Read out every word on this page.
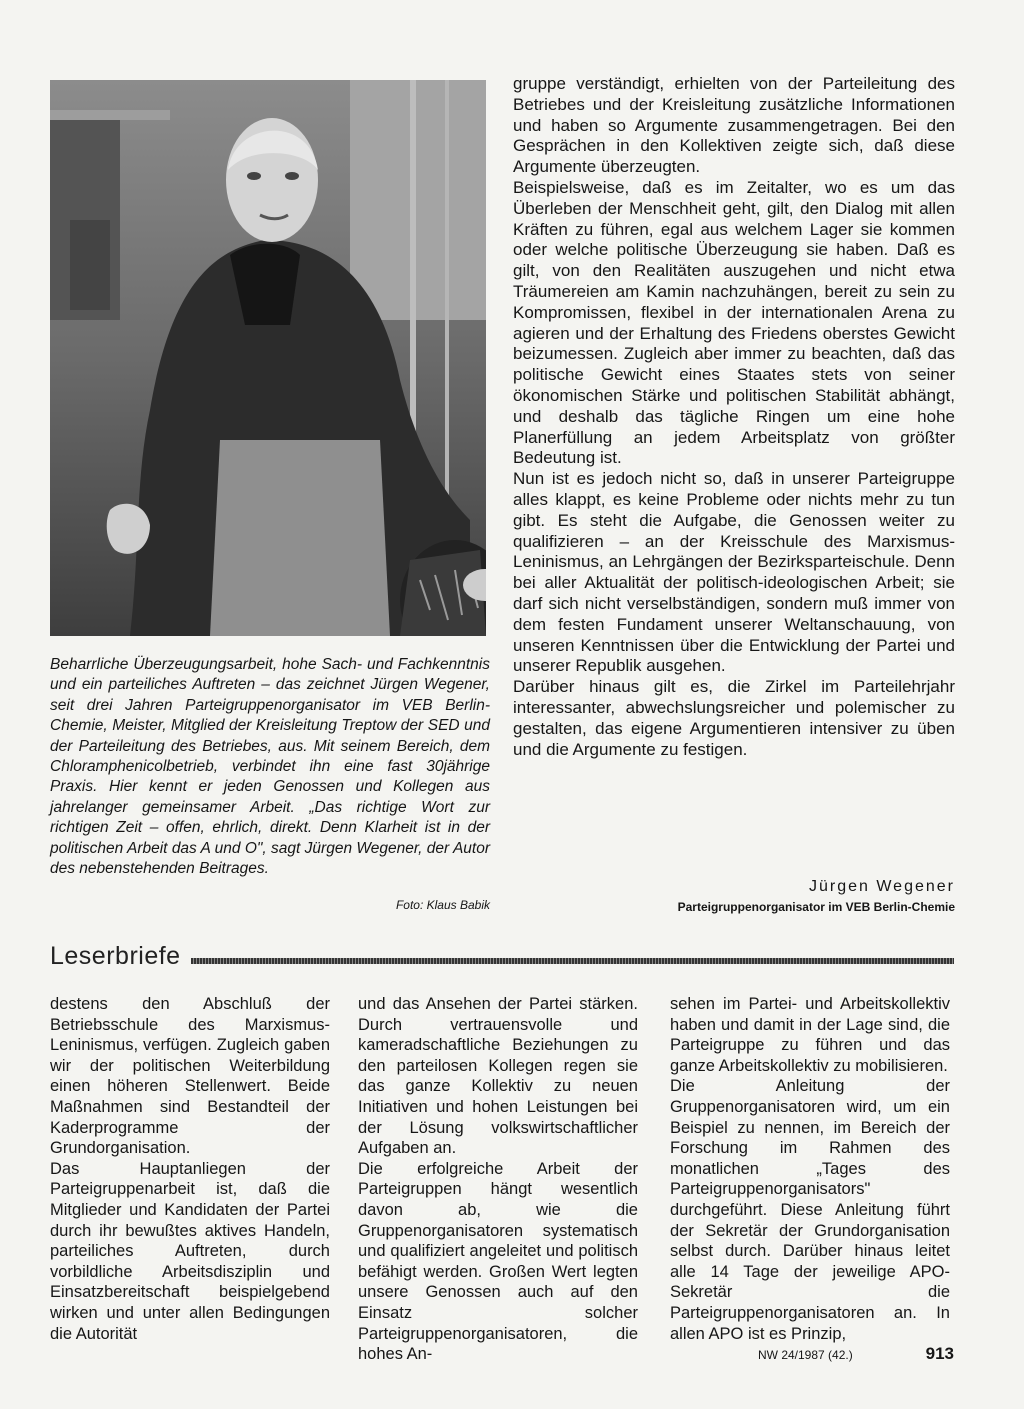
Beharrliche Überzeugungsarbeit, hohe Sach- und Fachkenntnis und ein parteiliches Auftreten – das zeichnet Jürgen Wegener, seit drei Jahren Parteigruppenorganisator im VEB Berlin-Chemie, Meister, Mitglied der Kreisleitung Treptow der SED und der Parteileitung des Betriebes, aus. Mit seinem Bereich, dem Chloramphenicolbetrieb, verbindet ihn eine fast 30jährige Praxis. Hier kennt er jeden Genossen und Kollegen aus jahrelanger gemeinsamer Arbeit. „Das richtige Wort zur richtigen Zeit – offen, ehrlich, direkt. Denn Klarheit ist in der politischen Arbeit das A und O", sagt Jürgen Wegener, der Autor des nebenstehenden Beitrages.

Foto: Klaus Babik

gruppe verständigt, erhielten von der Parteileitung des Betriebes und der Kreisleitung zusätzliche Informationen und haben so Argumente zusammengetragen. Bei den Gesprächen in den Kollektiven zeigte sich, daß diese Argumente überzeugten.

Beispielsweise, daß es im Zeitalter, wo es um das Überleben der Menschheit geht, gilt, den Dialog mit allen Kräften zu führen, egal aus welchem Lager sie kommen oder welche politische Überzeugung sie haben. Daß es gilt, von den Realitäten auszugehen und nicht etwa Träumereien am Kamin nachzuhängen, bereit zu sein zu Kompromissen, flexibel in der internationalen Arena zu agieren und der Erhaltung des Friedens oberstes Gewicht beizumessen. Zugleich aber immer zu beachten, daß das politische Gewicht eines Staates stets von seiner ökonomischen Stärke und politischen Stabilität abhängt, und deshalb das tägliche Ringen um eine hohe Planerfüllung an jedem Arbeitsplatz von größter Bedeutung ist.

Nun ist es jedoch nicht so, daß in unserer Parteigruppe alles klappt, es keine Probleme oder nichts mehr zu tun gibt. Es steht die Aufgabe, die Genossen weiter zu qualifizieren – an der Kreisschule des Marxismus-Leninismus, an Lehrgängen der Bezirksparteischule. Denn bei aller Aktualität der politisch-ideologischen Arbeit; sie darf sich nicht verselbständigen, sondern muß immer von dem festen Fundament unserer Weltanschauung, von unseren Kenntnissen über die Entwicklung der Partei und unserer Republik ausgehen.

Darüber hinaus gilt es, die Zirkel im Parteilehrjahr interessanter, abwechslungsreicher und polemischer zu gestalten, das eigene Argumentieren intensiver zu üben und die Argumente zu festigen.

Jürgen Wegener
Parteigruppenorganisator im VEB Berlin-Chemie
Leserbriefe

destens den Abschluß der Betriebsschule des Marxismus-Leninismus, verfügen. Zugleich gaben wir der politischen Weiterbildung einen höheren Stellenwert. Beide Maßnahmen sind Bestandteil der Kaderprogramme der Grundorganisation.

Das Hauptanliegen der Parteigruppenarbeit ist, daß die Mitglieder und Kandidaten der Partei durch ihr bewußtes aktives Handeln, parteiliches Auftreten, durch vorbildliche Arbeitsdisziplin und Einsatzbereitschaft beispielgebend wirken und unter allen Bedingungen die Autorität

und das Ansehen der Partei stärken. Durch vertrauensvolle und kameradschaftliche Beziehungen zu den parteilosen Kollegen regen sie das ganze Kollektiv zu neuen Initiativen und hohen Leistungen bei der Lösung volkswirtschaftlicher Aufgaben an.

Die erfolgreiche Arbeit der Parteigruppen hängt wesentlich davon ab, wie die Gruppenorganisatoren systematisch und qualifiziert angeleitet und politisch befähigt werden. Großen Wert legten unsere Genossen auch auf den Einsatz solcher Parteigruppenorganisatoren, die hohes An-

sehen im Partei- und Arbeitskollektiv haben und damit in der Lage sind, die Parteigruppe zu führen und das ganze Arbeitskollektiv zu mobilisieren.

Die Anleitung der Gruppenorganisatoren wird, um ein Beispiel zu nennen, im Bereich der Forschung im Rahmen des monatlichen „Tages des Parteigruppenorganisators" durchgeführt. Diese Anleitung führt der Sekretär der Grundorganisation selbst durch. Darüber hinaus leitet alle 14 Tage der jeweilige APO-Sekretär die Parteigruppenorganisatoren an. In allen APO ist es Prinzip,

NW 24/1987 (42.)	913
